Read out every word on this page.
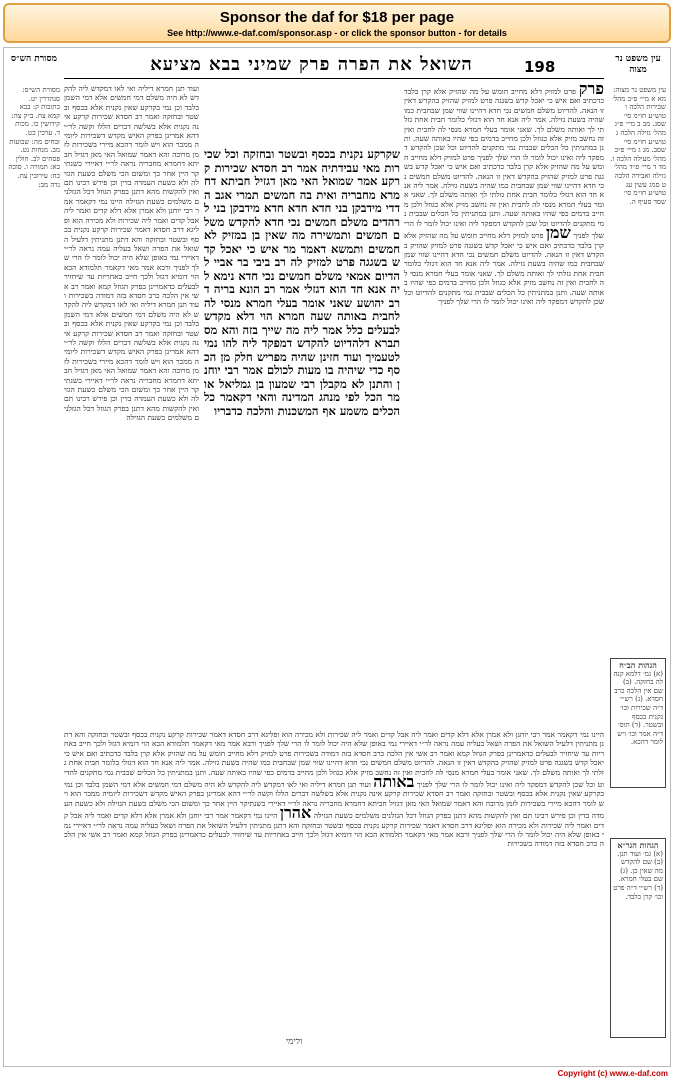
Sponsor the daf for $18 per page
See http://www.e-daf.com/sponsor.asp - or click the sponsor button - for details
198
השואל את הפרה פרק שמיני בבא מציעא
מסורת הש״ס	עין משפט נר מצוה
עין משפט נר מצוה: מא א מיי׳ פ״ב מהל׳ שכירות הלכה ו טוש״ע חו״מ סי׳ שסג. מב ב מיי׳ פ״ג מהל׳ גזילה הלכה ג טוש״ע חו״מ סי׳ שסב. מג ג מיי׳ פ״ב מהל׳ מעילה הלכה ז. מד ד מיי׳ פ״ד מהל׳ גזילה ואבידה הלכה ט סמג עשין עג טוש״ע חו״מ סי׳ שסד סעיף ה.
הגהות הב״ח
(א) גמ׳ דלמא קנה לה בחזקה. (ב) שם אין הלכה כרב חסדא. (ג) רש״י ד״ה שכירות וכו׳ נקנית בכסף ובשטר. (ד) תוס׳ ד״ה אמר וכו׳ ויש לומר דהכא.
הגהות הגר״א
(א) גמ׳ ועוד תנן. (ב) שם להקדש מה שאין כן. (ג) שם בעלי חמרא. (ד) רש״י ד״ה פרט וכו׳ קרן בלבד.
מסורת הש״ס: סנהדרין יט. כתובות ק: בבא קמא צח. ב״ק צה: קידושין כו. מכות ד. ערכין כט. זבחים מה: שבועות מב. מנחות נט. פסחים לב. חולין כא: תמורה ו. סוכה כח: עירובין צח. נדה מב:
פרק פרט למזיק דלא מחייב חומש על מה שהזיק אלא קרן בלבד כדכתיב ואם איש כי יאכל קדש בשגגה פרט למזיק שהזיק בהקדש דאין זו הנאה. להדיוט משלם חמשים נכי חדא דהיינו שווי שמן שבחבית כמו שהיה בשעת גזילה. אמר ליה אנא חד הוא דגזלי כלומר חבית אחת גזלתי לך ואותה משלם לך. שאני אומר בעלי חמרא מנסי לה לחבית ואין זה נחשב מזיק אלא כגוזל ולכן מחייב בדמים כפי שהיו באותה שעה. ותנן במתניתין כל הכלים שבבית נמי מתקנים להדיוט וכל שכן להקדש דמפקד ליה ואינו יכול לומר לו הרי שלך לפניך פרט למזיק דלא מחייב חומש על מה שהזיק אלא קרן בלבד כדכתיב ואם איש כי יאכל קדש בשגגה פרט למזיק שהזיק בהקדש דאין זו הנאה. להדיוט משלם חמשים נכי חדא דהיינו שווי שמן שבחבית כמו שהיה בשעת גזילה. אמר ליה אנא חד הוא דגזלי כלומר חבית אחת גזלתי לך ואותה משלם לך. שאני אומר בעלי חמרא מנסי לה לחבית ואין זה נחשב מזיק אלא כגוזל ולכן מחייב בדמים כפי שהיו באותה שעה. ותנן במתניתין כל הכלים שבבית נמי מתקנים להדיוט וכל שכן להקדש דמפקד ליה ואינו יכול לומר לו הרי שלך לפניך שמן פרט למזיק דלא מחייב חומש על מה שהזיק אלא קרן בלבד כדכתיב ואם איש כי יאכל קדש בשגגה פרט למזיק שהזיק בהקדש דאין זו הנאה. להדיוט משלם חמשים נכי חדא דהיינו שווי שמן שבחבית כמו שהיה בשעת גזילה. אמר ליה אנא חד הוא דגזלי כלומר חבית אחת גזלתי לך ואותה משלם לך. שאני אומר בעלי חמרא מנסי לה לחבית ואין זה נחשב מזיק אלא כגוזל ולכן מחייב בדמים כפי שהיו באותה שעה. ותנן במתניתין כל הכלים שבבית נמי מתקנים להדיוט וכל שכן להקדש דמפקד ליה ואינו יכול לומר לו הרי שלך לפניך
ועוד תנן חמרא דיליה ואי לאו דמקדש ליה להקדש לא היה משלם דמי חמשים אלא דמי השמן בלבד וכן נמי בקרקע שאין נקנית אלא בכסף ובשטר ובחזקה ואמר רב חסדא שכירות קרקע אינה נקנית אלא בשלשה דברים הללו וקשה לר״י דהא אמרינן בפרק האיש מקדש דשכירות ליומיה ממכר הוא ויש לומר דהכא מיירי בשכירות לזמן מרובה והא דאמר שמואל האי מאן דגזיל חביתא דחמרא מחבריה נראה לר״י דאיירי כשנתיקר היין אחר כך ומשום הכי משלם כשעת הגזילה ולא כשעת העמדה בדין וכן פירש רבינו תם ואין להקשות מהא דתנן בפרק הגוזל דכל הגזלנים משלמים כשעת הגזילה היינו נמי דקאמר אמר רבי יוחנן ולא אמרן אלא דלא קדים ואמר ליה אבל קדים ואמר ליה שכירות ולא מכירה הוא ופליגא דרב חסדא דאמר שכירות קרקע נקנית בכסף ובשטר ובחזקה והא דתנן מתניתין דלעיל השואל את הפרה ושאל בעליה עמה נראה לר״י דאיירי נמי באופן שלא היה יכול לומר לו הרי שלך לפניך ורבא אמר מאי דקאמר תלמודא הכא הוי דומיא דגזל ולכך חייב באחריות עד שיחזיר לבעלים כדאמרינן בפרק הגוזל קמא ואמר רב אשי אין הלכה כרב חסדא בזה דמודה בשכירות ועוד תנן חמרא דיליה ואי לאו דמקדש ליה להקדש לא היה משלם דמי חמשים אלא דמי השמן בלבד וכן נמי בקרקע שאין נקנית אלא בכסף ובשטר ובחזקה ואמר רב חסדא שכירות קרקע אינה נקנית אלא בשלשה דברים הללו וקשה לר״י דהא אמרינן בפרק האיש מקדש דשכירות ליומיה ממכר הוא ויש לומר דהכא מיירי בשכירות לזמן מרובה והא דאמר שמואל האי מאן דגזיל חביתא דחמרא מחבריה נראה לר״י דאיירי כשנתיקר היין אחר כך ומשום הכי משלם כשעת הגזילה ולא כשעת העמדה בדין וכן פירש רבינו תם ואין להקשות מהא דתנן בפרק הגוזל דכל הגזלנים משלמים כשעת הגזילה
שקרקע נקנית בכסף ובשטר ובחזקה וכל שכירות מאי עבידתיה אמר רב חסדא שכירות קרקע אמר שמואל האי מאן דגזיל חביתא דחמרא מחבריה ואית בה חמשים תמרי אגב הדדי מידבקן בני חדא חדא חדא מידבקן בני לרהדים משלם חמשים נכי חדא להקדש משלם חמשים ותמשירה מה שאין בן במזיק לא חמשים ותמשא דאמר מר איש כי יאכל קדש בשגגה פרט למזיק לה רב ביבי בר אביי להדיום אמאי משלם חמשים נכי חדא נימא ליה אנא חד הוא דגזלי אמר רב הונא בריה דרב יהושע שאני אומר בעלי חמרא מנסי לה לחבית באותה שעה חמרא הוי דלא מקדש לבעלים כלל אמר ליה מה שייך בזה והא מסתברא דלהדיוט להקדש דמפקד ליה להו נמי לטעמיך ועוד חזינן שהיה מפריש חלק מן הכסף כדי שיהיה בו מעות לכולם אמר רבי יוחנן והתנן לא מקבלן רבי שמעון בן גמליאל אומר הכל לפי מנהג המדינה והאי דקאמר כל הכלים משמע אף המשכנות והלכה כדבריו
היינו נמי דקאמר אמר רבי יוחנן ולא אמרן אלא דלא קדים ואמר ליה אבל קדים ואמר ליה שכירות ולא מכירה הוא ופליגא דרב חסדא דאמר שכירות קרקע נקנית בכסף ובשטר ובחזקה והא דתנן מתניתין דלעיל השואל את הפרה ושאל בעליה עמה נראה לר״י דאיירי נמי באופן שלא היה יכול לומר לו הרי שלך לפניך ורבא אמר מאי דקאמר תלמודא הכא הוי דומיא דגזל ולכך חייב באחריות עד שיחזיר לבעלים כדאמרינן בפרק הגוזל קמא ואמר רב אשי אין הלכה כרב חסדא בזה דמודה בשכירות פרט למזיק דלא מחייב חומש על מה שהזיק אלא קרן בלבד כדכתיב ואם איש כי יאכל קדש בשגגה פרט למזיק שהזיק בהקדש דאין זו הנאה. להדיוט משלם חמשים נכי חדא דהיינו שווי שמן שבחבית כמו שהיה בשעת גזילה. אמר ליה אנא חד הוא דגזלי כלומר חבית אחת גזלתי לך ואותה משלם לך. שאני אומר בעלי חמרא מנסי לה לחבית ואין זה נחשב מזיק אלא כגוזל ולכן מחייב בדמים כפי שהיו באותה שעה. ותנן במתניתין כל הכלים שבבית נמי מתקנים להדיוט וכל שכן להקדש דמפקד ליה ואינו יכול לומר לו הרי שלך לפניך באותה ועוד תנן חמרא דיליה ואי לאו דמקדש ליה להקדש לא היה משלם דמי חמשים אלא דמי השמן בלבד וכן נמי בקרקע שאין נקנית אלא בכסף ובשטר ובחזקה ואמר רב חסדא שכירות קרקע אינה נקנית אלא בשלשה דברים הללו וקשה לר״י דהא אמרינן בפרק האיש מקדש דשכירות ליומיה ממכר הוא ויש לומר דהכא מיירי בשכירות לזמן מרובה והא דאמר שמואל האי מאן דגזיל חביתא דחמרא מחבריה נראה לר״י דאיירי כשנתיקר היין אחר כך ומשום הכי משלם כשעת הגזילה ולא כשעת העמדה בדין וכן פירש רבינו תם ואין להקשות מהא דתנן בפרק הגוזל דכל הגזלנים משלמים כשעת הגזילה אהרן היינו נמי דקאמר אמר רבי יוחנן ולא אמרן אלא דלא קדים ואמר ליה אבל קדים ואמר ליה שכירות ולא מכירה הוא ופליגא דרב חסדא דאמר שכירות קרקע נקנית בכסף ובשטר ובחזקה והא דתנן מתניתין דלעיל השואל את הפרה ושאל בעליה עמה נראה לר״י דאיירי נמי באופן שלא היה יכול לומר לו הרי שלך לפניך ורבא אמר מאי דקאמר תלמודא הכא הוי דומיא דגזל ולכך חייב באחריות עד שיחזיר לבעלים כדאמרינן בפרק הגוזל קמא ואמר רב אשי אין הלכה כרב חסדא בזה דמודה בשכירות
ולימי
Copyright (c) www.e-daf.com
